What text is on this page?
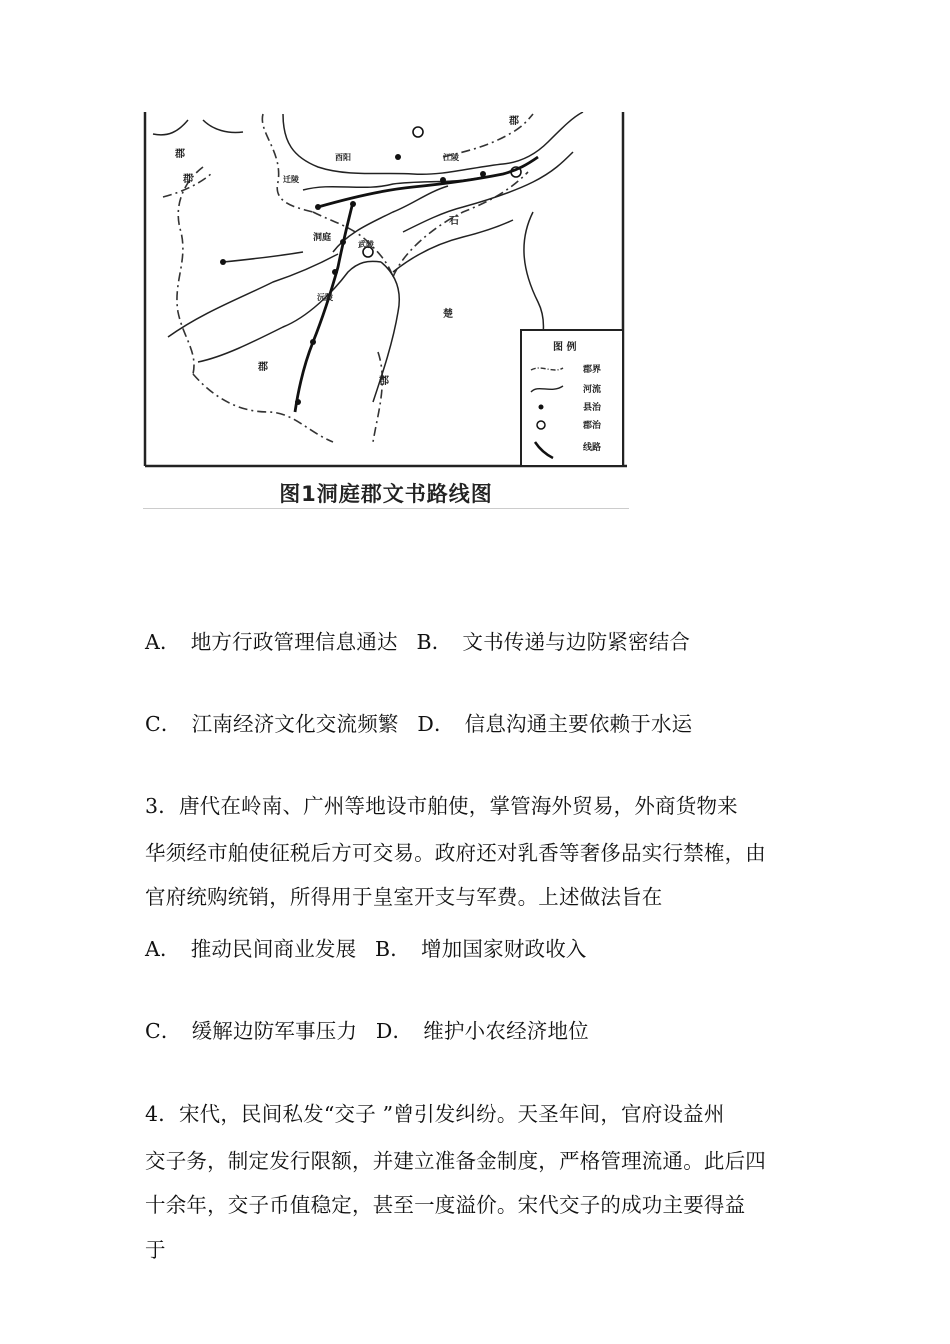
郡
郡
郡
郡
郡
洞庭
迁陵
酉阳
沅陵
武陵
石
楚
江陵
图 例
郡界
河流
县治
郡治
线路
图1洞庭郡文书路线图
A． 地方行政管理信息通达 B． 文书传递与边防紧密结合
C． 江南经济文化交流频繁 D． 信息沟通主要依赖于水运
3．唐代在岭南、广州等地设市舶使，掌管海外贸易，外商货物来
华须经市舶使征税后方可交易。政府还对乳香等奢侈品实行禁榷，由
官府统购统销，所得用于皇室开支与军费。上述做法旨在
A． 推动民间商业发展 B． 增加国家财政收入
C． 缓解边防军事压力 D． 维护小农经济地位
4．宋代，民间私发“交子 ”曾引发纠纷。天圣年间，官府设益州
交子务，制定发行限额，并建立准备金制度，严格管理流通。此后四
十余年，交子币值稳定，甚至一度溢价。宋代交子的成功主要得益
于
